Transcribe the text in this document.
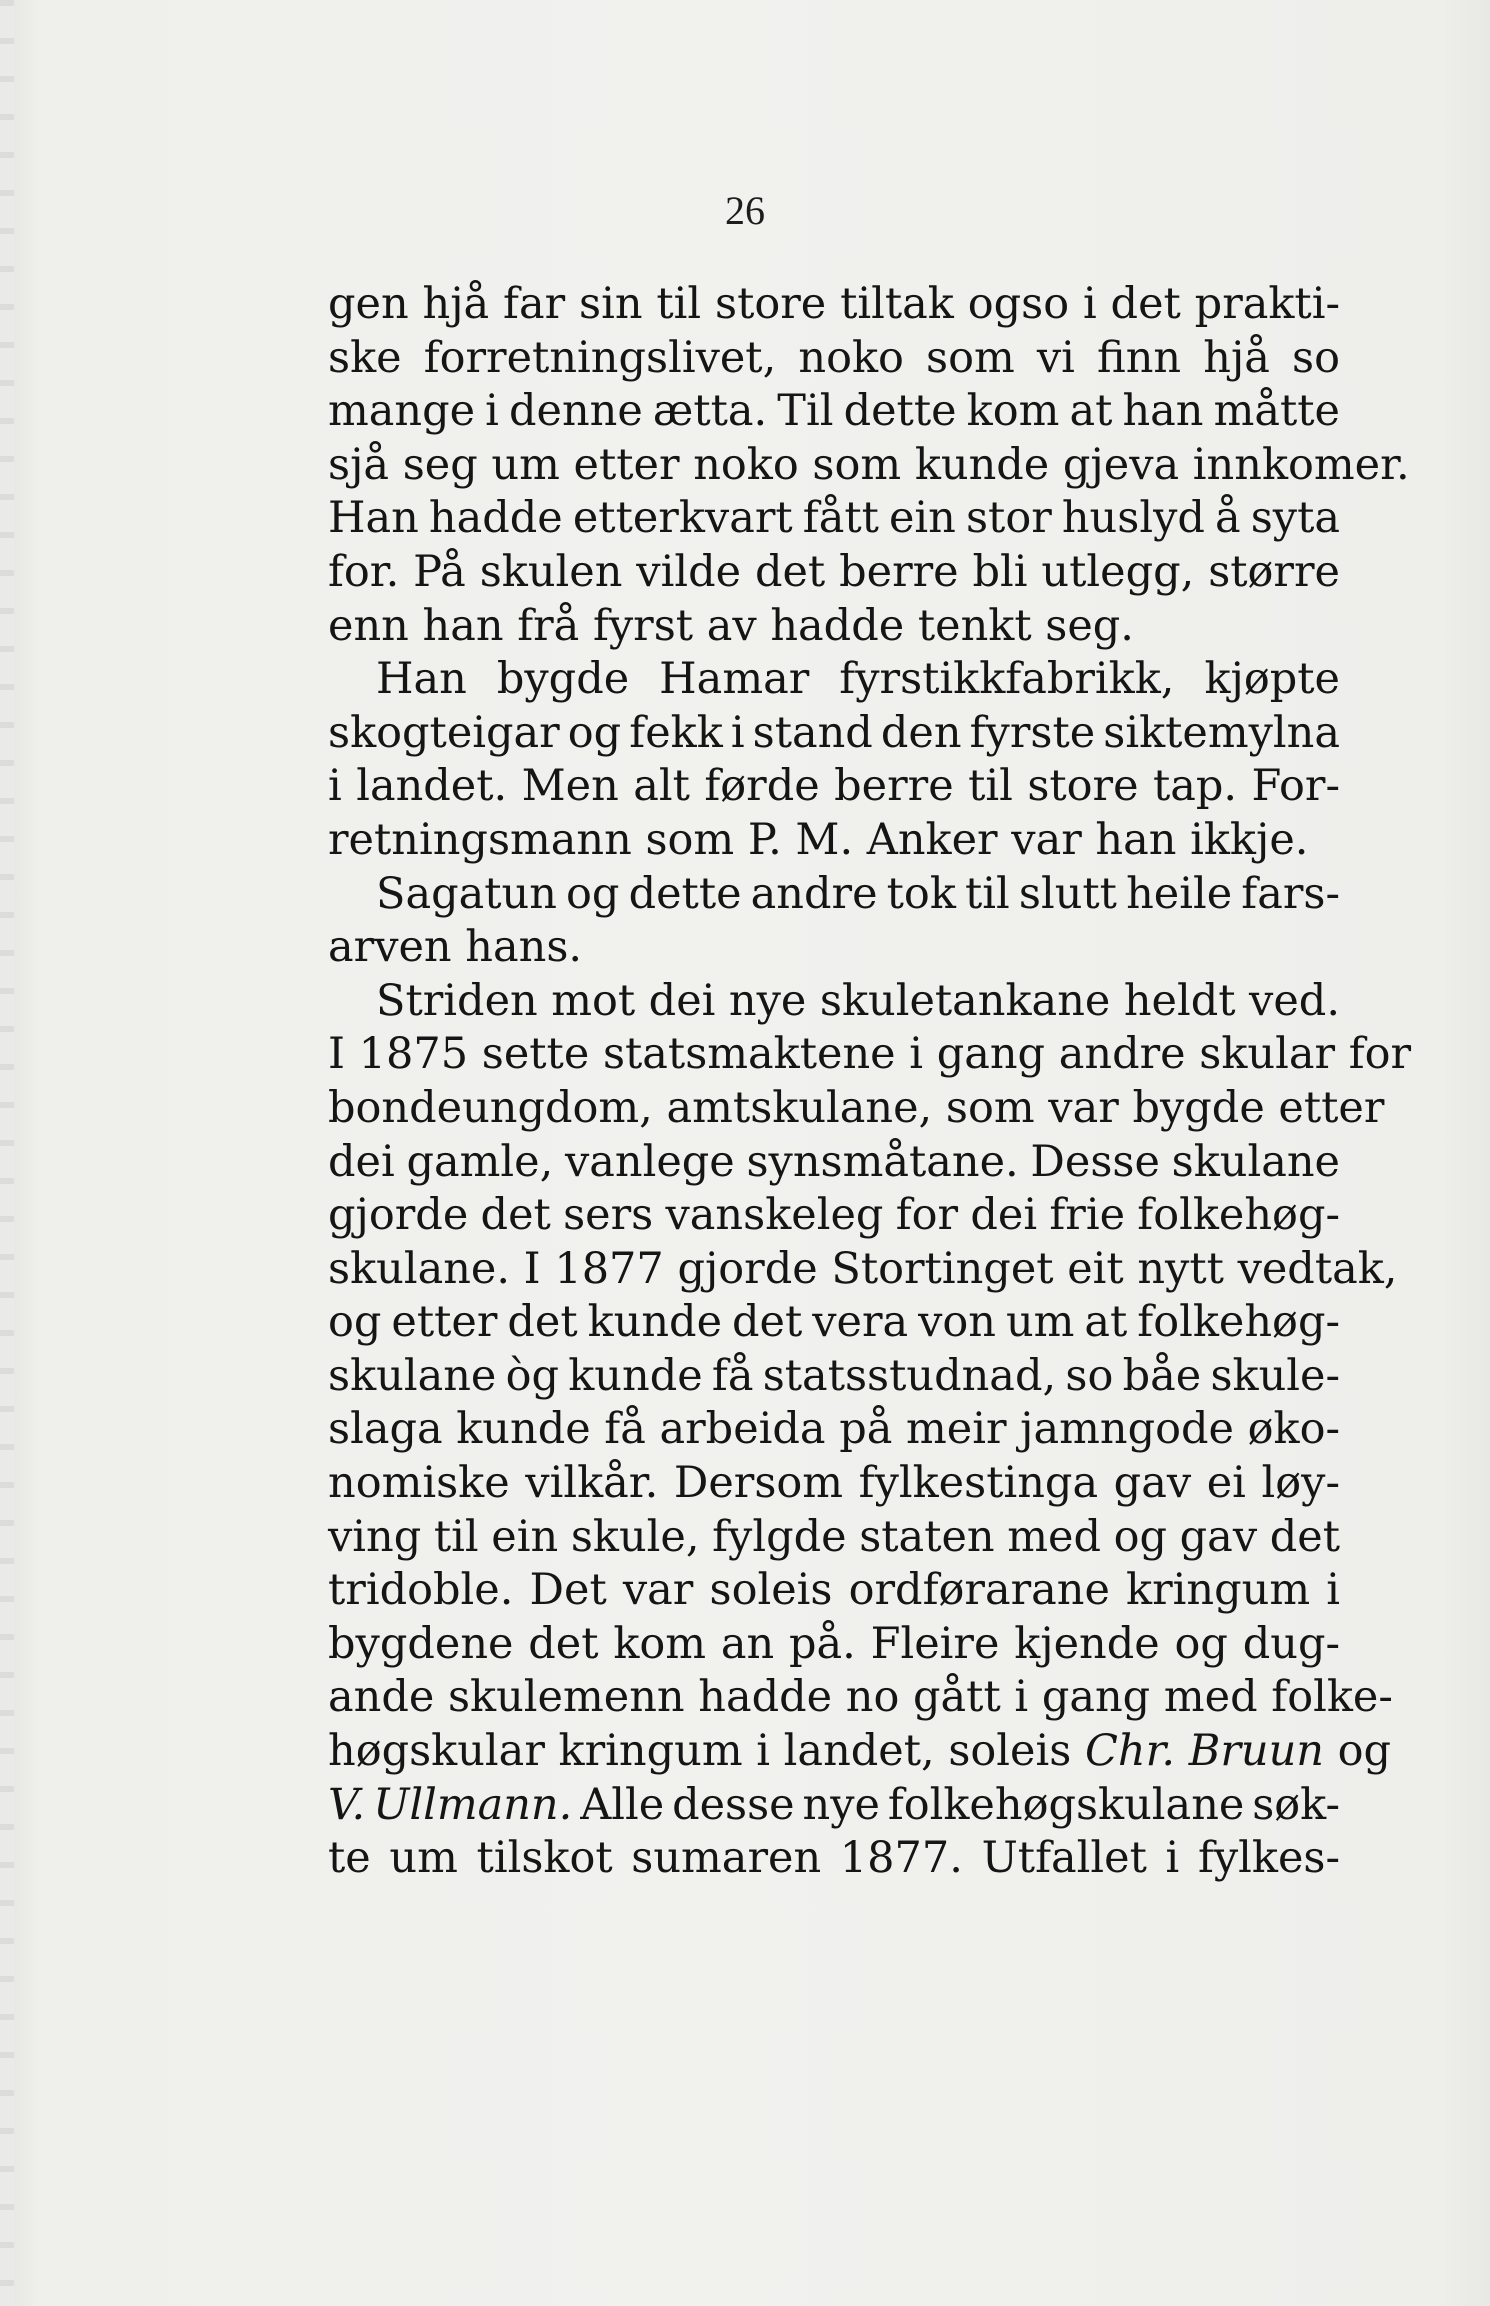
26
gen hjå far sin til store tiltak ogso i det prakti-
ske forretningslivet, noko som vi finn hjå so
mange i denne ætta. Til dette kom at han måtte
sjå seg um etter noko som kunde gjeva innkomer.
Han hadde etterkvart fått ein stor huslyd å syta
for. På skulen vilde det berre bli utlegg, større
enn han frå fyrst av hadde tenkt seg.
Han bygde Hamar fyrstikkfabrikk, kjøpte
skogteigar og fekk i stand den fyrste siktemylna
i landet. Men alt førde berre til store tap. For-
retningsmann som P. M. Anker var han ikkje.
Sagatun og dette andre tok til slutt heile fars-
arven hans.
Striden mot dei nye skuletankane heldt ved.
I 1875 sette statsmaktene i gang andre skular for
bondeungdom, amtskulane, som var bygde etter
dei gamle, vanlege synsmåtane. Desse skulane
gjorde det sers vanskeleg for dei frie folkehøg-
skulane. I 1877 gjorde Stortinget eit nytt vedtak,
og etter det kunde det vera von um at folkehøg-
skulane òg kunde få statsstudnad, so båe skule-
slaga kunde få arbeida på meir jamngode øko-
nomiske vilkår. Dersom fylkestinga gav ei løy-
ving til ein skule, fylgde staten med og gav det
tridoble. Det var soleis ordførarane kringum i
bygdene det kom an på. Fleire kjende og dug-
ande skulemenn hadde no gått i gang med folke-
høgskular kringum i landet, soleis Chr. Bruun og
V. Ullmann. Alle desse nye folkehøgskulane søk-
te um tilskot sumaren 1877. Utfallet i fylkes-
